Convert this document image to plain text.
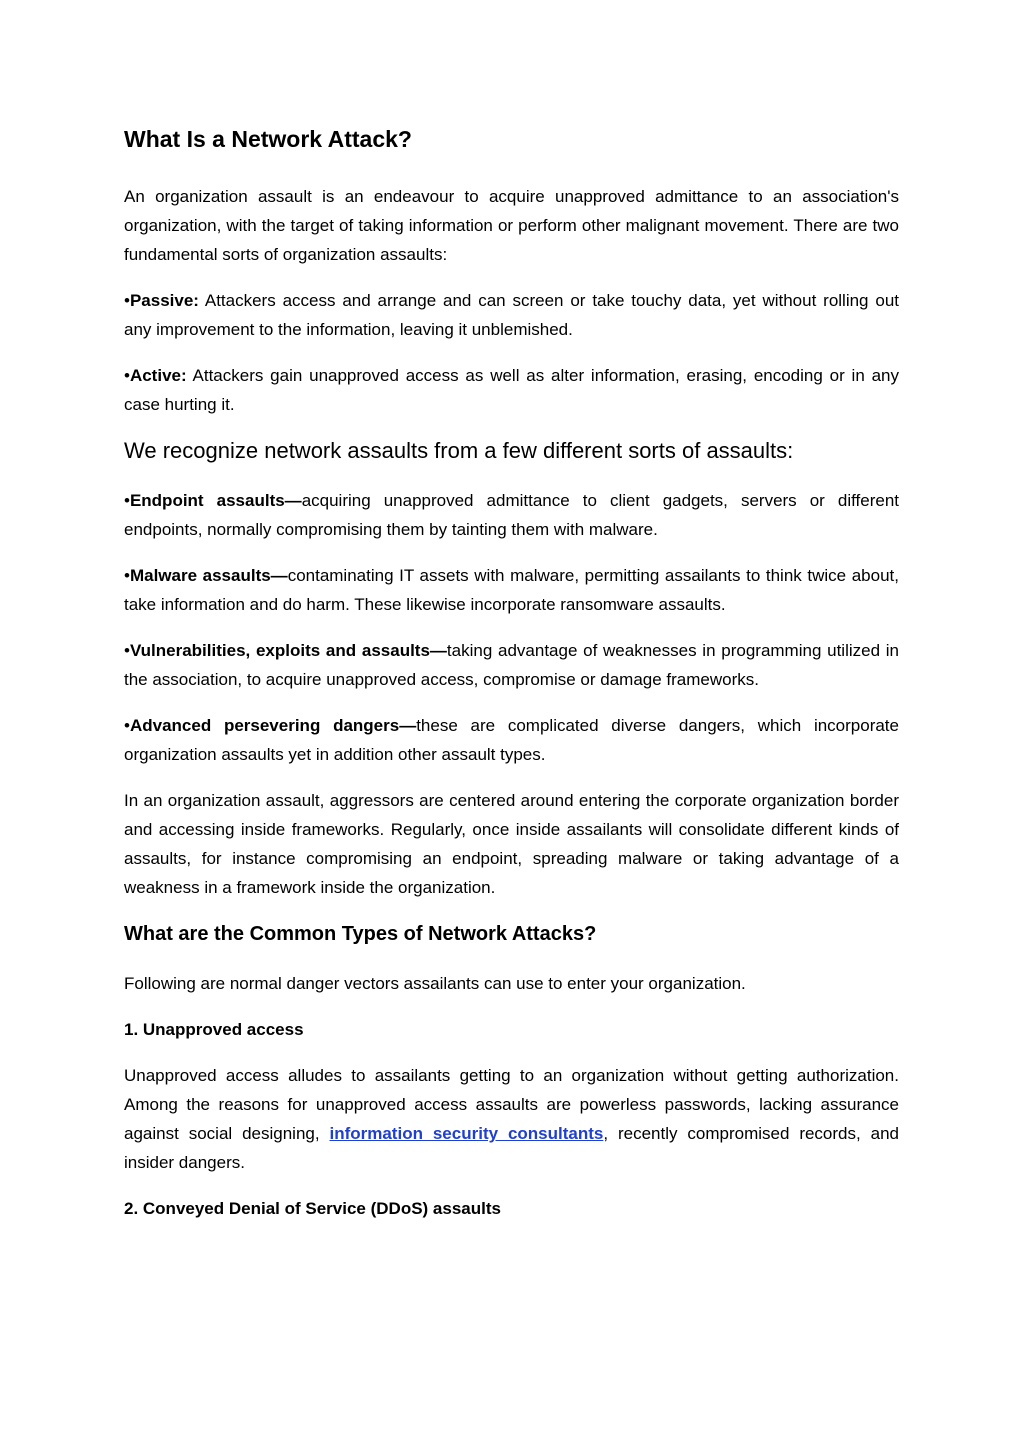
What Is a Network Attack?

An organization assault is an endeavour to acquire unapproved admittance to an association's organization, with the target of taking information or perform other malignant movement. There are two fundamental sorts of organization assaults:

•Passive: Attackers access and arrange and can screen or take touchy data, yet without rolling out any improvement to the information, leaving it unblemished.

•Active: Attackers gain unapproved access as well as alter information, erasing, encoding or in any case hurting it.

We recognize network assaults from a few different sorts of assaults:

•Endpoint assaults—acquiring unapproved admittance to client gadgets, servers or different endpoints, normally compromising them by tainting them with malware.

•Malware assaults—contaminating IT assets with malware, permitting assailants to think twice about, take information and do harm. These likewise incorporate ransomware assaults.

•Vulnerabilities, exploits and assaults—taking advantage of weaknesses in programming utilized in the association, to acquire unapproved access, compromise or damage frameworks.

•Advanced persevering dangers—these are complicated diverse dangers, which incorporate organization assaults yet in addition other assault types.

In an organization assault, aggressors are centered around entering the corporate organization border and accessing inside frameworks. Regularly, once inside assailants will consolidate different kinds of assaults, for instance compromising an endpoint, spreading malware or taking advantage of a weakness in a framework inside the organization.

What are the Common Types of Network Attacks?

Following are normal danger vectors assailants can use to enter your organization.

1. Unapproved access

Unapproved access alludes to assailants getting to an organization without getting authorization. Among the reasons for unapproved access assaults are powerless passwords, lacking assurance against social designing, information security consultants, recently compromised records, and insider dangers.

2. Conveyed Denial of Service (DDoS) assaults
